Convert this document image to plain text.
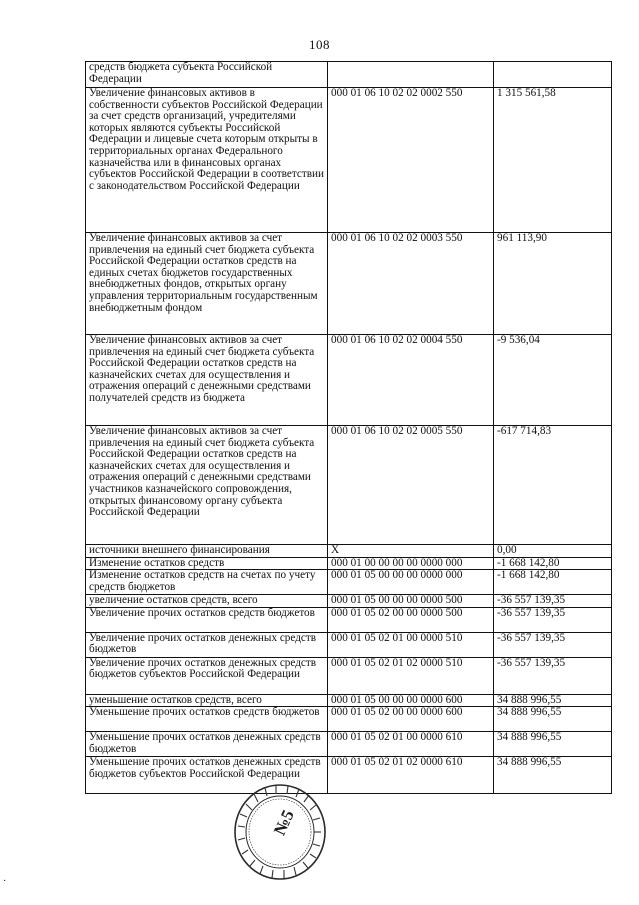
108
средств бюджета субъекта Российской Федерации		
Увеличение финансовых активов в собственности субъектов Российской Федерации за счет средств организаций, учредителями которых являются субъекты Российской Федерации и лицевые счета которым открыты в территориальных органах Федерального казначейства или в финансовых органах субъектов Российской Федерации в соответствии с законодательством Российской Федерации	000 01 06 10 02 02 0002 550	1 315 561,58
Увеличение финансовых активов за счет привлечения на единый счет бюджета субъекта Российской Федерации остатков средств на единых счетах бюджетов государственных внебюджетных фондов, открытых органу управления территориальным государственным внебюджетным фондом	000 01 06 10 02 02 0003 550	961 113,90
Увеличение финансовых активов за счет привлечения на единый счет бюджета субъекта Российской Федерации остатков средств на казначейских счетах для осуществления и отражения операций с денежными средствами получателей средств из бюджета	000 01 06 10 02 02 0004 550	-9 536,04
Увеличение финансовых активов за счет привлечения на единый счет бюджета субъекта Российской Федерации остатков средств на казначейских счетах для осуществления и отражения операций с денежными средствами участников казначейского сопровождения, открытых финансовому органу субъекта Российской Федерации	000 01 06 10 02 02 0005 550	-617 714,83
источники внешнего финансирования	X	0,00
Изменение остатков средств	000 01 00 00 00 00 0000 000	-1 668 142,80
Изменение остатков средств на счетах по учету средств бюджетов	000 01 05 00 00 00 0000 000	-1 668 142,80
увеличение остатков средств, всего	000 01 05 00 00 00 0000 500	-36 557 139,35
Увеличение прочих остатков средств бюджетов	000 01 05 02 00 00 0000 500	-36 557 139,35
Увеличение прочих остатков денежных средств бюджетов	000 01 05 02 01 00 0000 510	-36 557 139,35
Увеличение прочих остатков денежных средств бюджетов субъектов Российской Федерации	000 01 05 02 01 02 0000 510	-36 557 139,35
уменьшение остатков средств, всего	000 01 05 00 00 00 0000 600	34 888 996,55
Уменьшение прочих остатков средств бюджетов	000 01 05 02 00 00 0000 600	34 888 996,55
Уменьшение прочих остатков денежных средств бюджетов	000 01 05 02 01 00 0000 610	34 888 996,55
Уменьшение прочих остатков денежных средств бюджетов субъектов Российской Федерации	000 01 05 02 01 02 0000 610	34 888 996,55
№5
·
